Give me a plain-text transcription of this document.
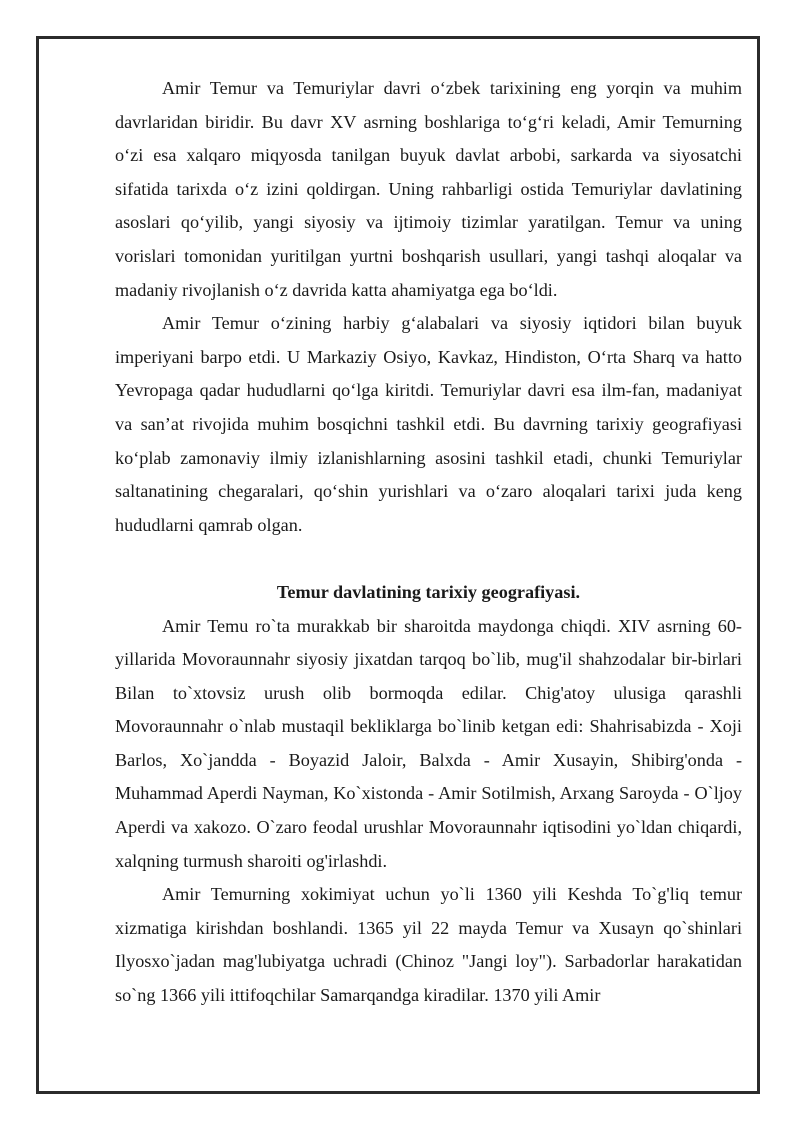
Amir Temur va Temuriylar davri o‘zbek tarixining eng yorqin va muhim davrlaridan biridir. Bu davr XV asrning boshlariga to‘g‘ri keladi, Amir Temurning o‘zi esa xalqaro miqyosda tanilgan buyuk davlat arbobi, sarkarda va siyosatchi sifatida tarixda o‘z izini qoldirgan. Uning rahbarligi ostida Temuriylar davlatining asoslari qo‘yilib, yangi siyosiy va ijtimoiy tizimlar yaratilgan. Temur va uning vorislari tomonidan yuritilgan yurtni boshqarish usullari, yangi tashqi aloqalar va madaniy rivojlanish o‘z davrida katta ahamiyatga ega bo‘ldi.

Amir Temur o‘zining harbiy g‘alabalari va siyosiy iqtidori bilan buyuk imperiyani barpo etdi. U Markaziy Osiyo, Kavkaz, Hindiston, O‘rta Sharq va hatto Yevropaga qadar hududlarni qo‘lga kiritdi. Temuriylar davri esa ilm-fan, madaniyat va san’at rivojida muhim bosqichni tashkil etdi. Bu davrning tarixiy geografiyasi ko‘plab zamonaviy ilmiy izlanishlarning asosini tashkil etadi, chunki Temuriylar saltanatining chegaralari, qo‘shin yurishlari va o‘zaro aloqalari tarixi juda keng hududlarni qamrab olgan.

Temur davlatining tarixiy geografiyasi.

Amir Temu ro`ta murakkab bir sharoitda maydonga chiqdi. XIV asrning 60-yillarida Movoraunnahr siyosiy jixatdan tarqoq bo`lib, mug'il shahzodalar bir-birlari Bilan to`xtovsiz urush olib bormoqda edilar. Chig'atoy ulusiga qarashli Movoraunnahr o`nlab mustaqil bekliklarga bo`linib ketgan edi: Shahrisabizda - Xoji Barlos, Xo`jandda - Boyazid Jaloir, Balxda - Amir Xusayin, Shibirg'onda - Muhammad Aperdi Nayman, Ko`xistonda - Amir Sotilmish, Arxang Saroyda - O`ljoy Aperdi va xakozo. O`zaro feodal urushlar Movoraunnahr iqtisodini yo`ldan chiqardi, xalqning turmush sharoiti og'irlashdi.

Amir Temurning xokimiyat uchun yo`li 1360 yili Keshda To`g'liq temur xizmatiga kirishdan boshlandi. 1365 yil 22 mayda Temur va Xusayn qo`shinlari Ilyosxo`jadan mag'lubiyatga uchradi (Chinoz "Jangi loy"). Sarbadorlar harakatidan so`ng 1366 yili ittifoqchilar Samarqandga kiradilar. 1370 yili Amir
